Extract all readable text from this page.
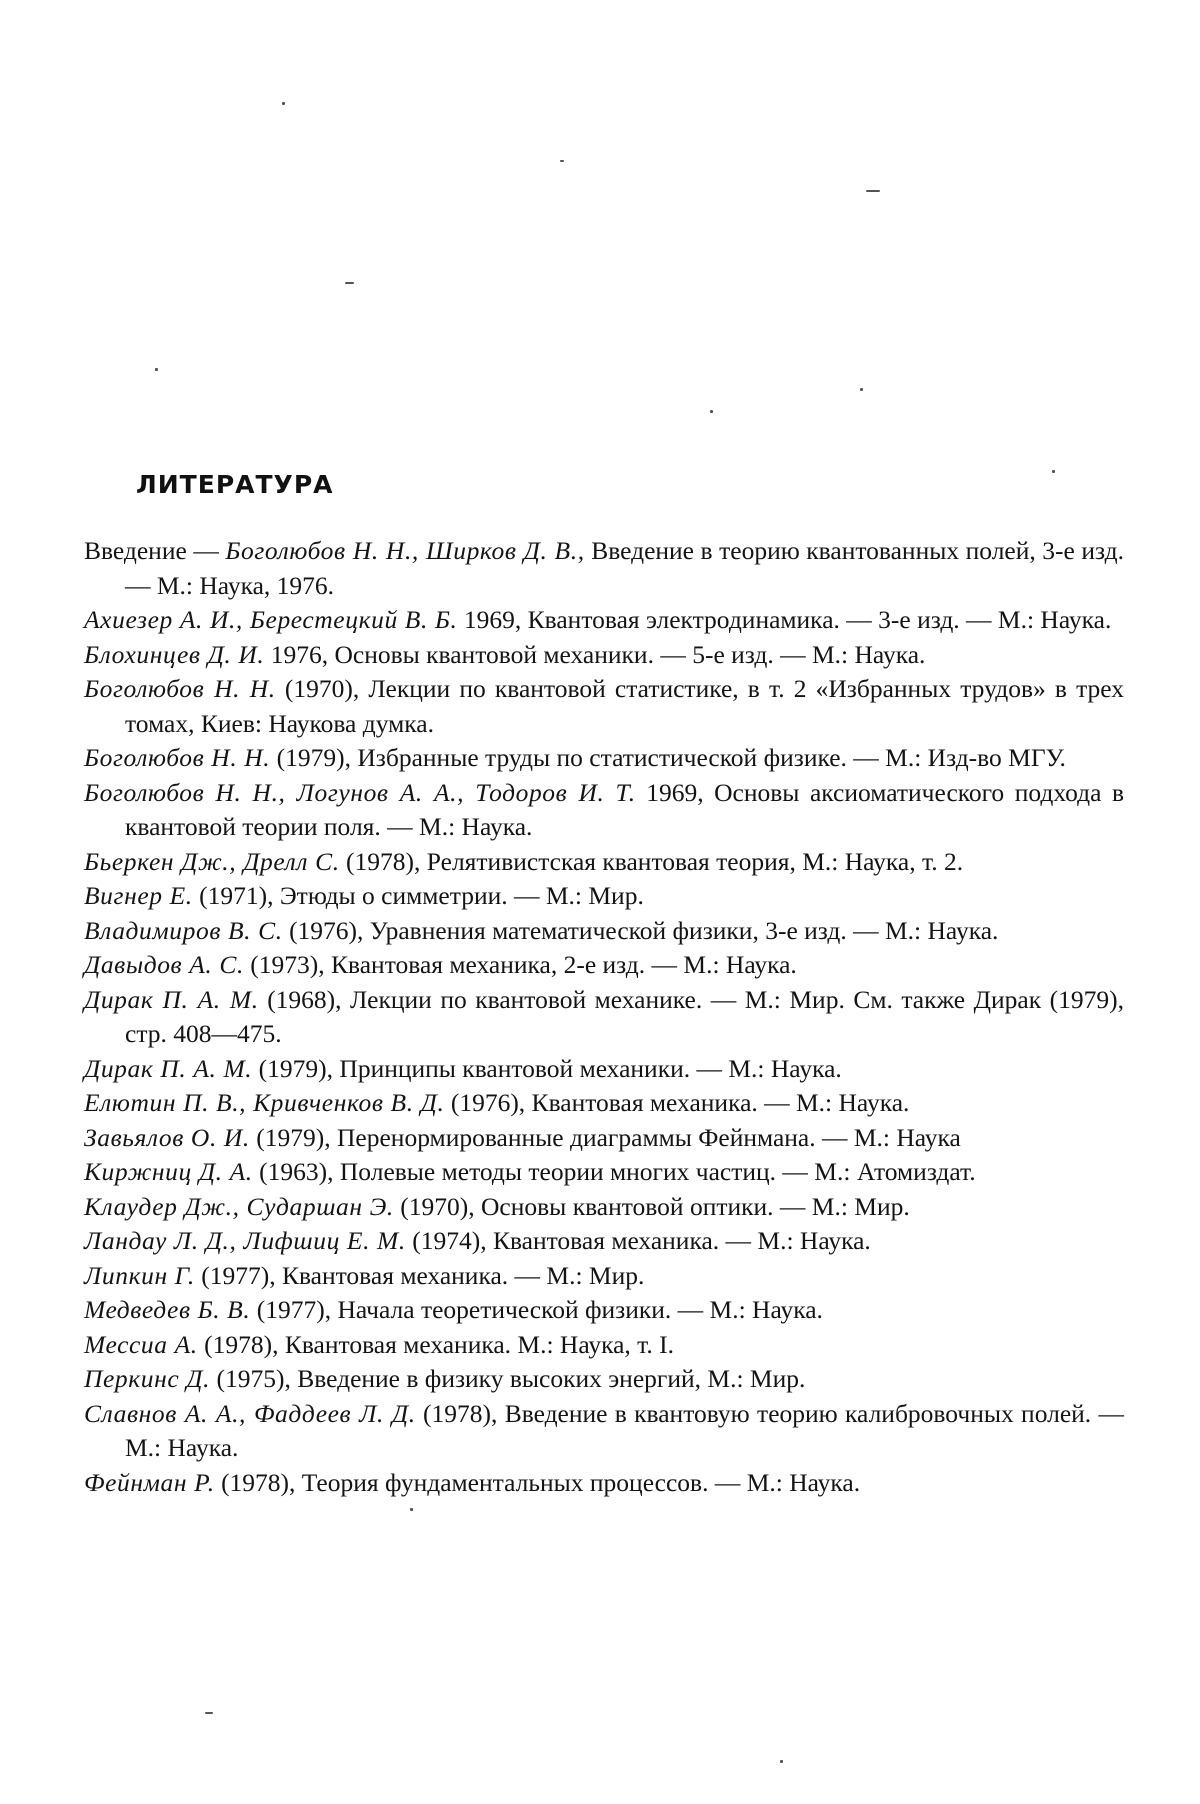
ЛИТЕРАТУРА
Введение — Боголюбов Н. Н., Ширков Д. В., Введение в теорию квантованных полей, 3-е изд. — М.: Наука, 1976.
Ахиезер А. И., Берестецкий В. Б. 1969, Квантовая электродинамика. — 3-е изд. — М.: Наука.
Блохинцев Д. И. 1976, Основы квантовой механики. — 5-е изд. — М.: Наука.
Боголюбов Н. Н. (1970), Лекции по квантовой статистике, в т. 2 «Избранных трудов» в трех томах, Киев: Наукова думка.
Боголюбов Н. Н. (1979), Избранные труды по статистической физике. — М.: Изд-во МГУ.
Боголюбов Н. Н., Логунов А. А., Тодоров И. Т. 1969, Основы аксиоматического подхода в квантовой теории поля. — М.: Наука.
Бьеркен Дж., Дрелл С. (1978), Релятивистская квантовая теория, М.: Наука, т. 2.
Вигнер Е. (1971), Этюды о симметрии. — М.: Мир.
Владимиров В. С. (1976), Уравнения математической физики, 3-е изд. — М.: Наука.
Давыдов А. С. (1973), Квантовая механика, 2-е изд. — М.: Наука.
Дирак П. А. М. (1968), Лекции по квантовой механике. — М.: Мир. См. также Дирак (1979), стр. 408—475.
Дирак П. А. М. (1979), Принципы квантовой механики. — М.: Наука.
Елютин П. В., Кривченков В. Д. (1976), Квантовая механика. — М.: Наука.
Завьялов О. И. (1979), Перенормированные диаграммы Фейнмана. — М.: Наука
Киржниц Д. А. (1963), Полевые методы теории многих частиц. — М.: Атомиздат.
Клаудер Дж., Сударшан Э. (1970), Основы квантовой оптики. — М.: Мир.
Ландау Л. Д., Лифшиц Е. М. (1974), Квантовая механика. — М.: Наука.
Липкин Г. (1977), Квантовая механика. — М.: Мир.
Медведев Б. В. (1977), Начала теоретической физики. — М.: Наука.
Мессиа А. (1978), Квантовая механика. М.: Наука, т. I.
Перкинс Д. (1975), Введение в физику высоких энергий, М.: Мир.
Славнов А. А., Фаддеев Л. Д. (1978), Введение в квантовую теорию калибровочных полей. — М.: Наука.
Фейнман Р. (1978), Теория фундаментальных процессов. — М.: Наука.
